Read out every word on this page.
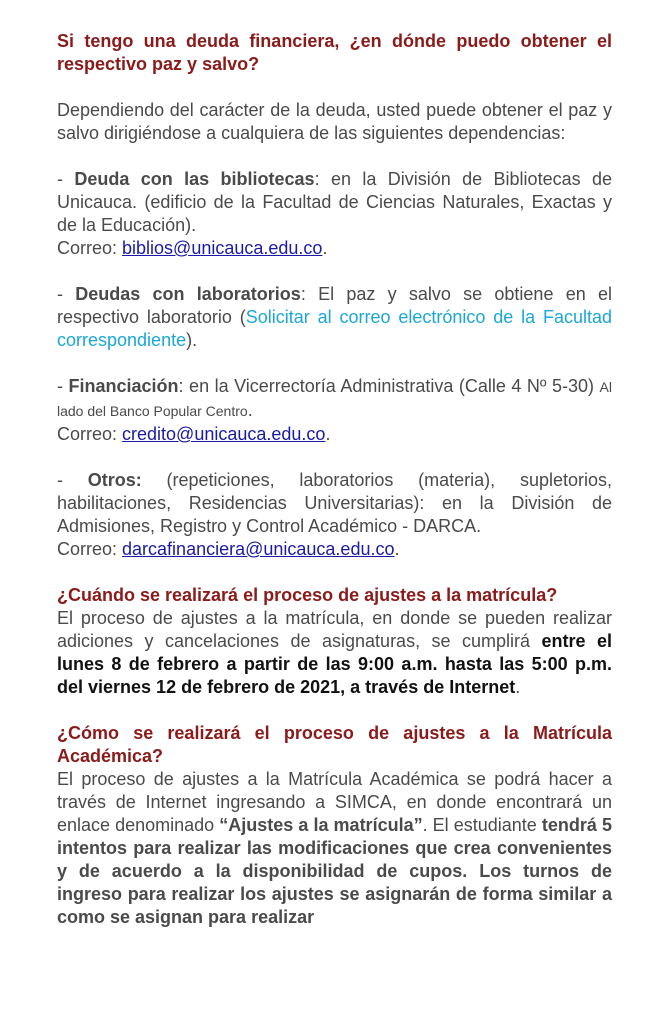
Si tengo una deuda financiera, ¿en dónde puedo obtener el respectivo paz y salvo?

Dependiendo del carácter de la deuda, usted puede obtener el paz y salvo dirigiéndose a cualquiera de las siguientes dependencias:

- Deuda con las bibliotecas: en la División de Bibliotecas de Unicauca. (edificio de la Facultad de Ciencias Naturales, Exactas y de la Educación).
Correo: biblios@unicauca.edu.co.

- Deudas con laboratorios: El paz y salvo se obtiene en el respectivo laboratorio (Solicitar al correo electrónico de la Facultad correspondiente).

- Financiación: en la Vicerrectoría Administrativa (Calle 4 Nº 5-30) Al lado del Banco Popular Centro.
Correo: credito@unicauca.edu.co.

- Otros: (repeticiones, laboratorios (materia), supletorios, habilitaciones, Residencias Universitarias): en la División de Admisiones, Registro y Control Académico - DARCA.
Correo: darcafinanciera@unicauca.edu.co.

¿Cuándo se realizará el proceso de ajustes a la matrícula?

El proceso de ajustes a la matrícula, en donde se pueden realizar adiciones y cancelaciones de asignaturas, se cumplirá entre el lunes 8 de febrero a partir de las 9:00 a.m. hasta las 5:00 p.m. del viernes 12 de febrero de 2021, a través de Internet.

¿Cómo se realizará el proceso de ajustes a la Matrícula Académica?

El proceso de ajustes a la Matrícula Académica se podrá hacer a través de Internet ingresando a SIMCA, en donde encontrará un enlace denominado “Ajustes a la matrícula”. El estudiante tendrá 5 intentos para realizar las modificaciones que crea convenientes y de acuerdo a la disponibilidad de cupos. Los turnos de ingreso para realizar los ajustes se asignarán de forma similar a como se asignan para realizar
